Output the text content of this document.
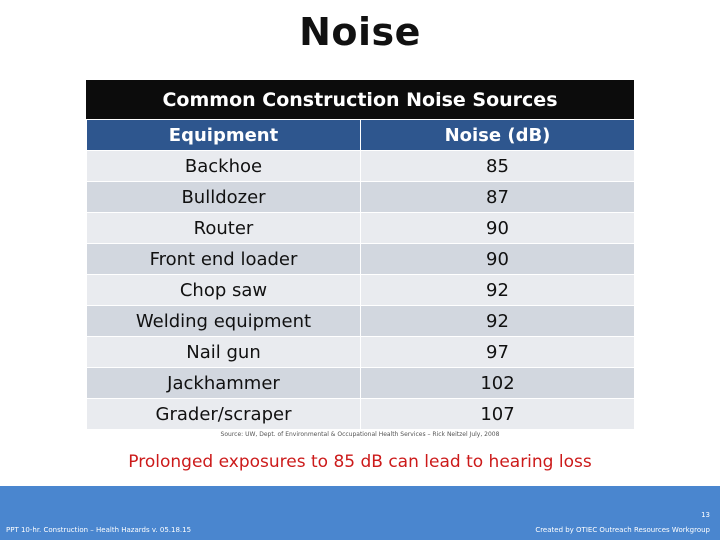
Noise
Common Construction Noise Sources
Equipment	Noise (dB)
Backhoe	85
Bulldozer	87
Router	90
Front end loader	90
Chop saw	92
Welding equipment	92
Nail gun	97
Jackhammer	102
Grader/scraper	107
Source: UW, Dept. of Environmental & Occupational Health Services – Rick Neitzel July, 2008
Prolonged exposures to 85 dB can lead to hearing loss
PPT 10-hr. Construction – Health Hazards v. 05.18.15
13
Created by OTIEC Outreach Resources Workgroup
